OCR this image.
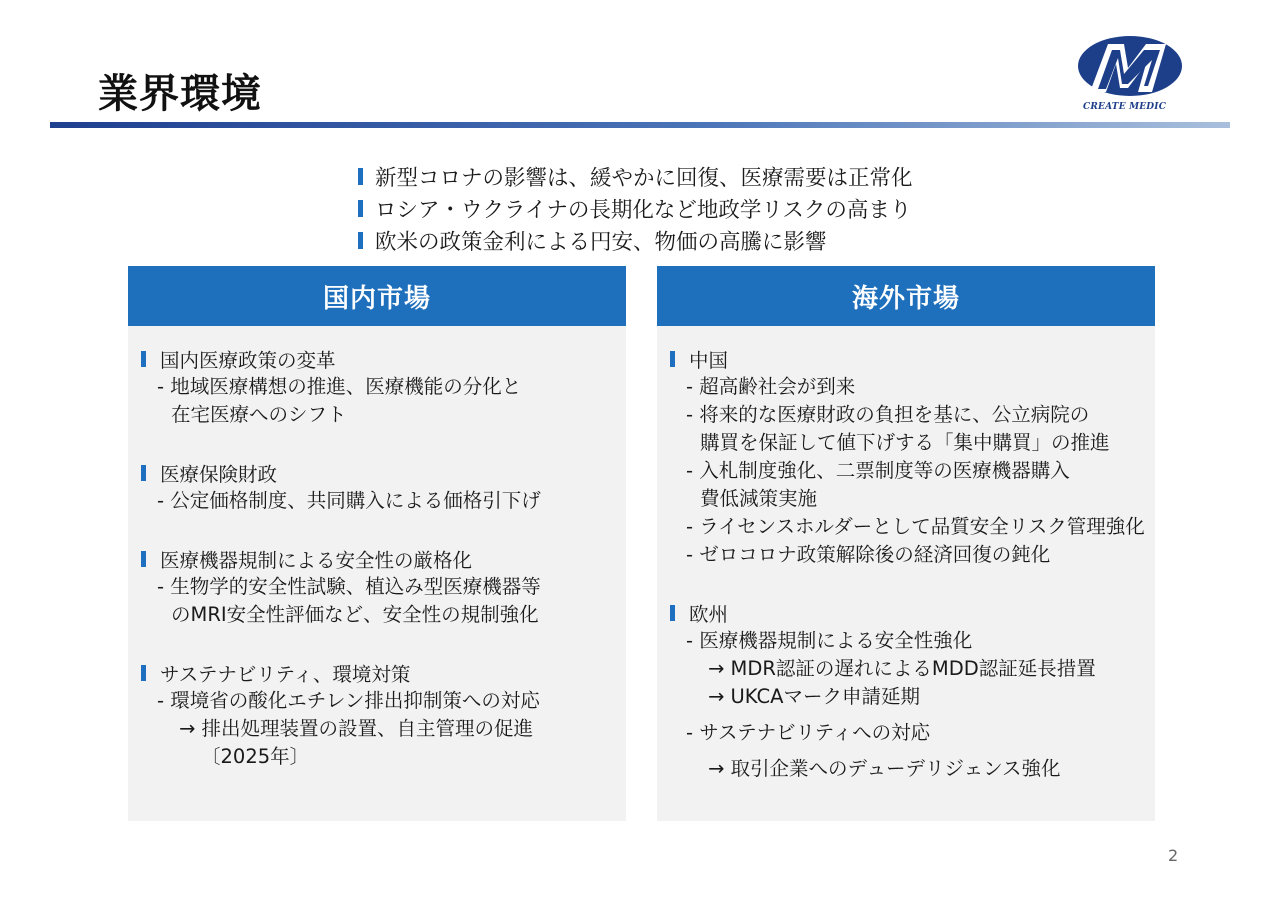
業界環境	CREATE MEDIC
新型コロナの影響は、緩やかに回復、医療需要は正常化
ロシア・ウクライナの長期化など地政学リスクの高まり
欧米の政策金利による円安、物価の高騰に影響
国内市場
国内医療政策の変革
- 地域医療構想の推進、医療機能の分化と
在宅医療へのシフト
医療保険財政
- 公定価格制度、共同購入による価格引下げ
医療機器規制による安全性の厳格化
- 生物学的安全性試験、植込み型医療機器等
のMRI安全性評価など、安全性の規制強化
サステナビリティ、環境対策
- 環境省の酸化エチレン排出抑制策への対応
→ 排出処理装置の設置、自主管理の促進
〔2025年〕
海外市場
中国
- 超高齢社会が到来
- 将来的な医療財政の負担を基に、公立病院の
購買を保証して値下げする「集中購買」の推進
- 入札制度強化、二票制度等の医療機器購入
費低減策実施
- ライセンスホルダーとして品質安全リスク管理強化
- ゼロコロナ政策解除後の経済回復の鈍化
欧州
- 医療機器規制による安全性強化
→ MDR認証の遅れによるMDD認証延長措置
→ UKCAマーク申請延期
- サステナビリティへの対応
→ 取引企業へのデューデリジェンス強化
2
